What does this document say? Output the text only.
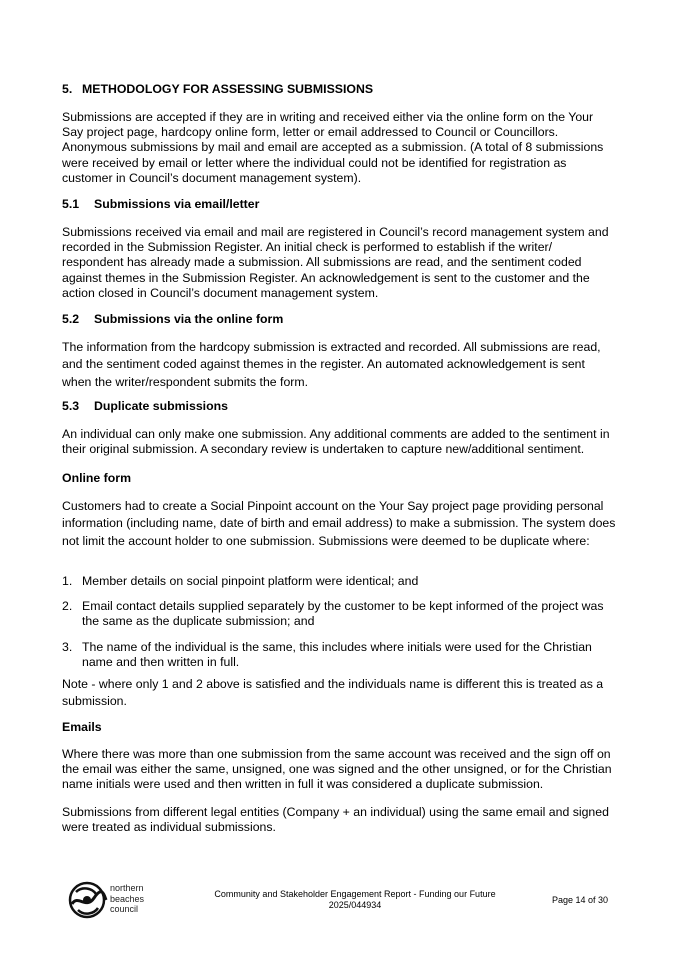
5. METHODOLOGY FOR ASSESSING SUBMISSIONS

Submissions are accepted if they are in writing and received either via the online form on the Your Say project page, hardcopy online form, letter or email addressed to Council or Councillors. Anonymous submissions by mail and email are accepted as a submission. (A total of 8 submissions were received by email or letter where the individual could not be identified for registration as customer in Council’s document management system).

5.1 Submissions via email/letter

Submissions received via email and mail are registered in Council’s record management system and recorded in the Submission Register. An initial check is performed to establish if the writer/ respondent has already made a submission. All submissions are read, and the sentiment coded against themes in the Submission Register. An acknowledgement is sent to the customer and the action closed in Council’s document management system.

5.2 Submissions via the online form

The information from the hardcopy submission is extracted and recorded. All submissions are read, and the sentiment coded against themes in the register. An automated acknowledgement is sent when the writer/respondent submits the form.

5.3 Duplicate submissions

An individual can only make one submission. Any additional comments are added to the sentiment in their original submission. A secondary review is undertaken to capture new/additional sentiment.

Online form

Customers had to create a Social Pinpoint account on the Your Say project page providing personal information (including name, date of birth and email address) to make a submission. The system does not limit the account holder to one submission. Submissions were deemed to be duplicate where:

1. Member details on social pinpoint platform were identical; and
2. Email contact details supplied separately by the customer to be kept informed of the project was the same as the duplicate submission; and
3. The name of the individual is the same, this includes where initials were used for the Christian name and then written in full.

Note - where only 1 and 2 above is satisfied and the individuals name is different this is treated as a submission.

Emails

Where there was more than one submission from the same account was received and the sign off on the email was either the same, unsigned, one was signed and the other unsigned, or for the Christian name initials were used and then written in full it was considered a duplicate submission.

Submissions from different legal entities (Company + an individual) using the same email and signed were treated as individual submissions.

northern
beaches
council
Community and Stakeholder Engagement Report - Funding our Future
2025/044934	Page 14 of 30
